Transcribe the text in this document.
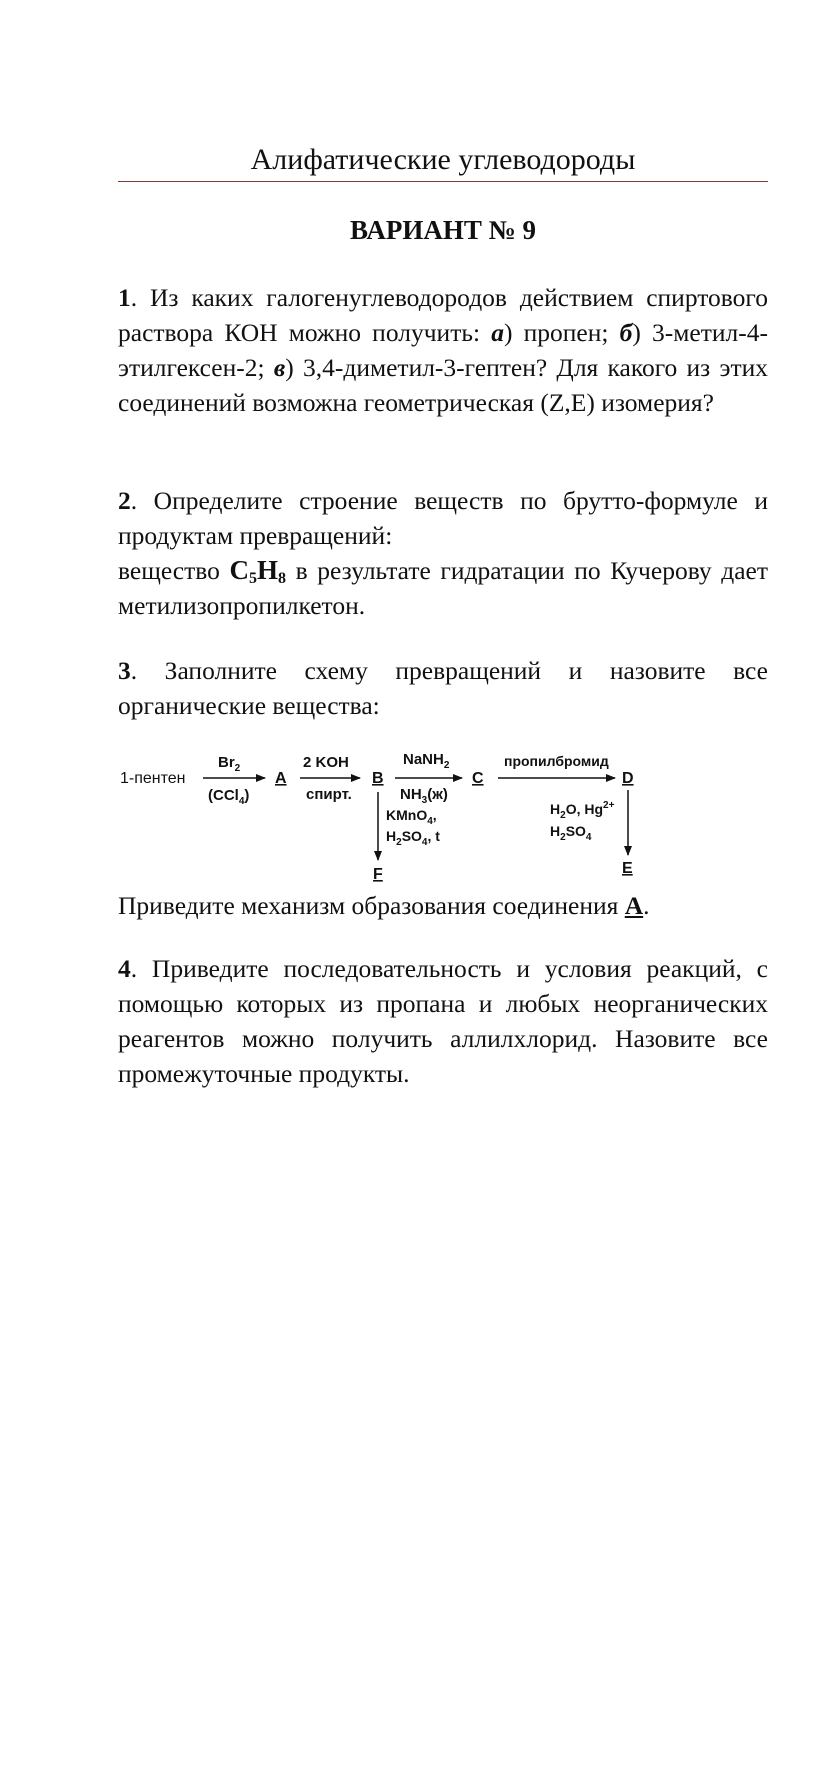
Алифатические углеводороды
ВАРИАНТ № 9

1. Из каких галогенуглеводородов действием спиртового раствора КОН можно получить: а) пропен; б) 3-метил-4-этилгексен-2; в) 3,4-диметил-3-гептен? Для какого из этих соединений возможна геометрическая (Z,E) изомерия?

2. Определите строение веществ по брутто-формуле и продуктам превращений:

вещество $C_5H_8$ в результате гидратации по Кучерову дает метилизопропилкетон.

3. Заполните схему превращений и назовите все органические вещества:

1-пентен
$Br_2$
(CCl$_4$)
A
2 KOH
спирт.
B
NaNH$_2$
$NH_3(ж)$
C
пропилбромид
D
KMnO$_4$,
$H_2SO_4$, t
F
$H_2O$, $Hg^{2+}$
$H_2SO_4$
E

Приведите механизм образования соединения А.

4. Приведите последовательность и условия реакций, с помощью которых из пропана и любых неорганических реагентов можно получить аллилхлорид. Назовите все промежуточные продукты.
